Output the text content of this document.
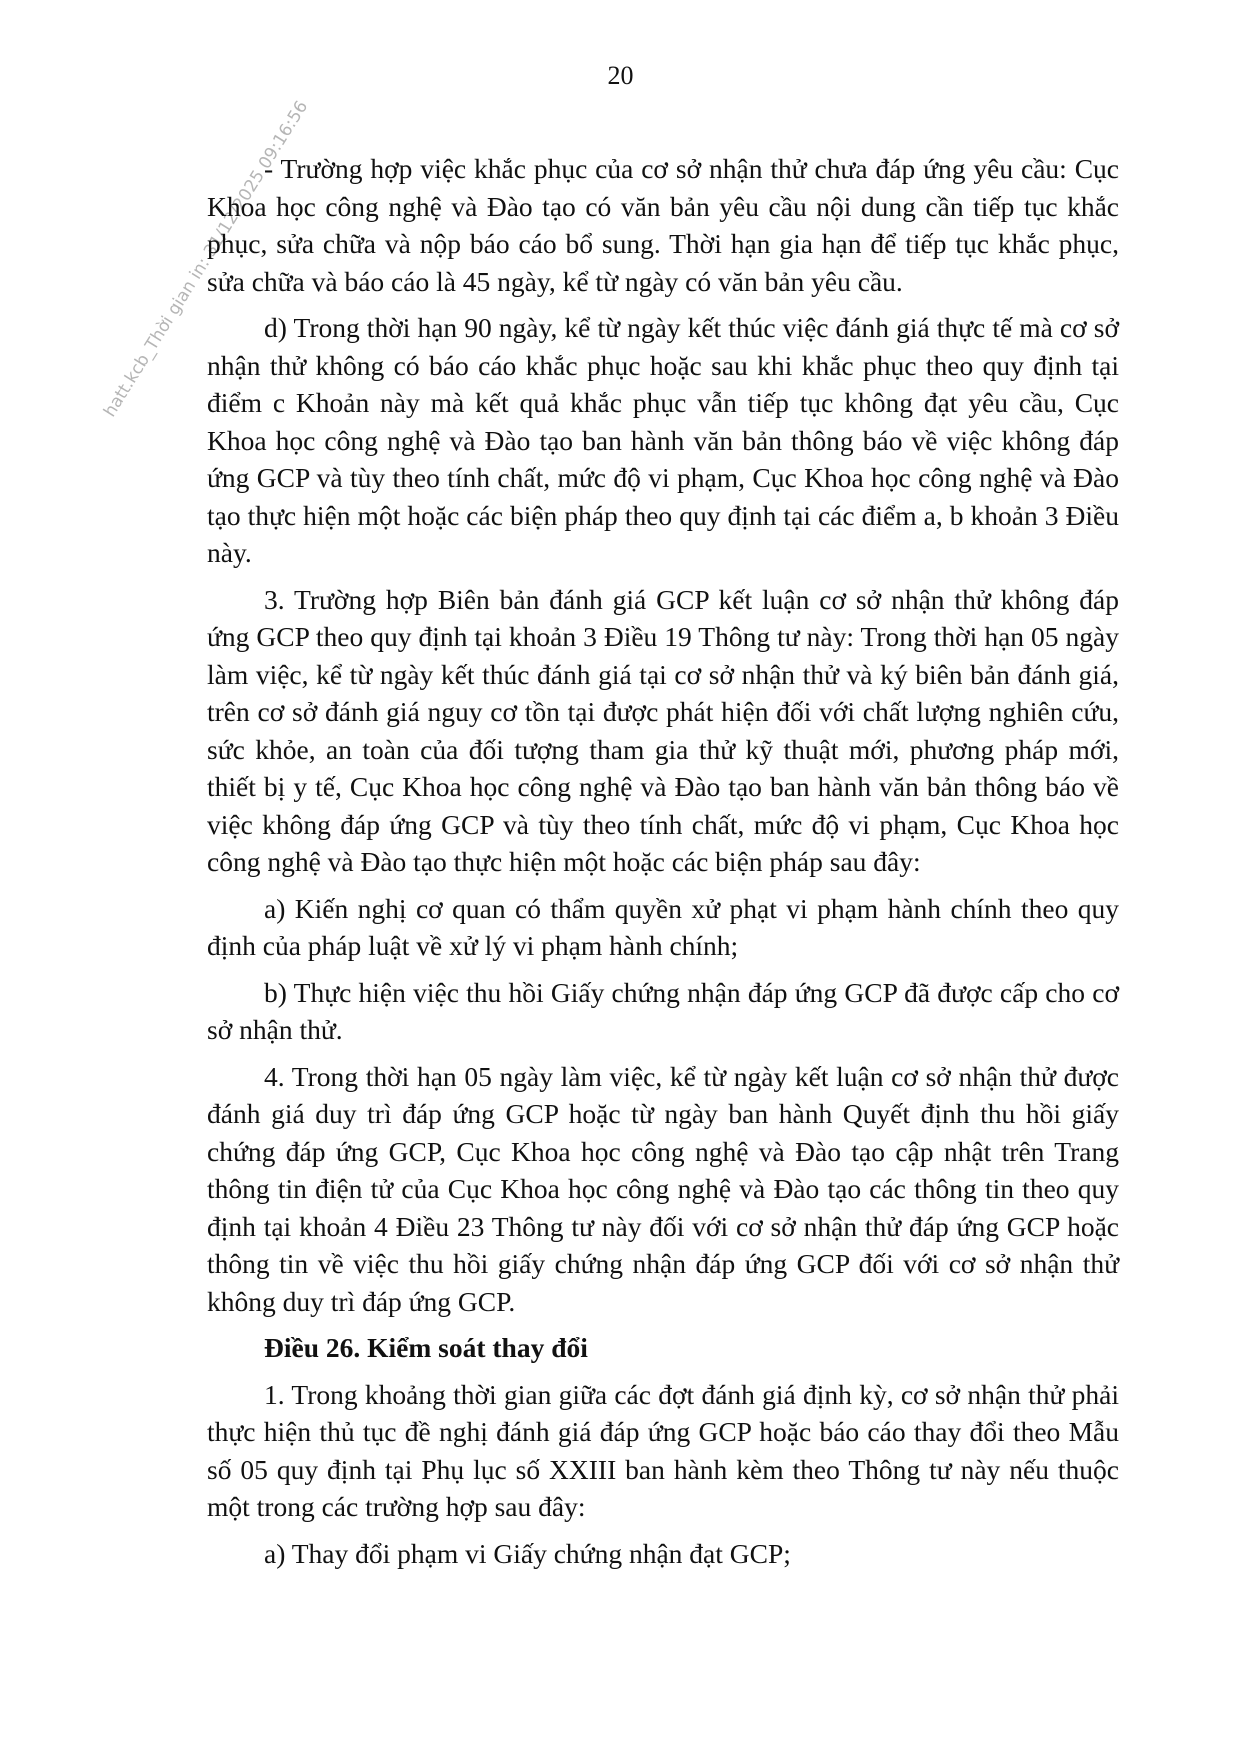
20
hatt.kcb_Thời gian in: 31/12/2025 09:16:56

- Trường hợp việc khắc phục của cơ sở nhận thử chưa đáp ứng yêu cầu: Cục Khoa học công nghệ và Đào tạo có văn bản yêu cầu nội dung cần tiếp tục khắc phục, sửa chữa và nộp báo cáo bổ sung. Thời hạn gia hạn để tiếp tục khắc phục, sửa chữa và báo cáo là 45 ngày, kể từ ngày có văn bản yêu cầu.

d) Trong thời hạn 90 ngày, kể từ ngày kết thúc việc đánh giá thực tế mà cơ sở nhận thử không có báo cáo khắc phục hoặc sau khi khắc phục theo quy định tại điểm c Khoản này mà kết quả khắc phục vẫn tiếp tục không đạt yêu cầu, Cục Khoa học công nghệ và Đào tạo ban hành văn bản thông báo về việc không đáp ứng GCP và tùy theo tính chất, mức độ vi phạm, Cục Khoa học công nghệ và Đào tạo thực hiện một hoặc các biện pháp theo quy định tại các điểm a, b khoản 3 Điều này.

3. Trường hợp Biên bản đánh giá GCP kết luận cơ sở nhận thử không đáp ứng GCP theo quy định tại khoản 3 Điều 19 Thông tư này: Trong thời hạn 05 ngày làm việc, kể từ ngày kết thúc đánh giá tại cơ sở nhận thử và ký biên bản đánh giá, trên cơ sở đánh giá nguy cơ tồn tại được phát hiện đối với chất lượng nghiên cứu, sức khỏe, an toàn của đối tượng tham gia thử kỹ thuật mới, phương pháp mới, thiết bị y tế, Cục Khoa học công nghệ và Đào tạo ban hành văn bản thông báo về việc không đáp ứng GCP và tùy theo tính chất, mức độ vi phạm, Cục Khoa học công nghệ và Đào tạo thực hiện một hoặc các biện pháp sau đây:

a) Kiến nghị cơ quan có thẩm quyền xử phạt vi phạm hành chính theo quy định của pháp luật về xử lý vi phạm hành chính;

b) Thực hiện việc thu hồi Giấy chứng nhận đáp ứng GCP đã được cấp cho cơ sở nhận thử.

4. Trong thời hạn 05 ngày làm việc, kể từ ngày kết luận cơ sở nhận thử được đánh giá duy trì đáp ứng GCP hoặc từ ngày ban hành Quyết định thu hồi giấy chứng đáp ứng GCP, Cục Khoa học công nghệ và Đào tạo cập nhật trên Trang thông tin điện tử của Cục Khoa học công nghệ và Đào tạo các thông tin theo quy định tại khoản 4 Điều 23 Thông tư này đối với cơ sở nhận thử đáp ứng GCP hoặc thông tin về việc thu hồi giấy chứng nhận đáp ứng GCP đối với cơ sở nhận thử không duy trì đáp ứng GCP.

Điều 26. Kiểm soát thay đổi

1. Trong khoảng thời gian giữa các đợt đánh giá định kỳ, cơ sở nhận thử phải thực hiện thủ tục đề nghị đánh giá đáp ứng GCP hoặc báo cáo thay đổi theo Mẫu số 05 quy định tại Phụ lục số XXIII ban hành kèm theo Thông tư này nếu thuộc một trong các trường hợp sau đây:

a) Thay đổi phạm vi Giấy chứng nhận đạt GCP;
